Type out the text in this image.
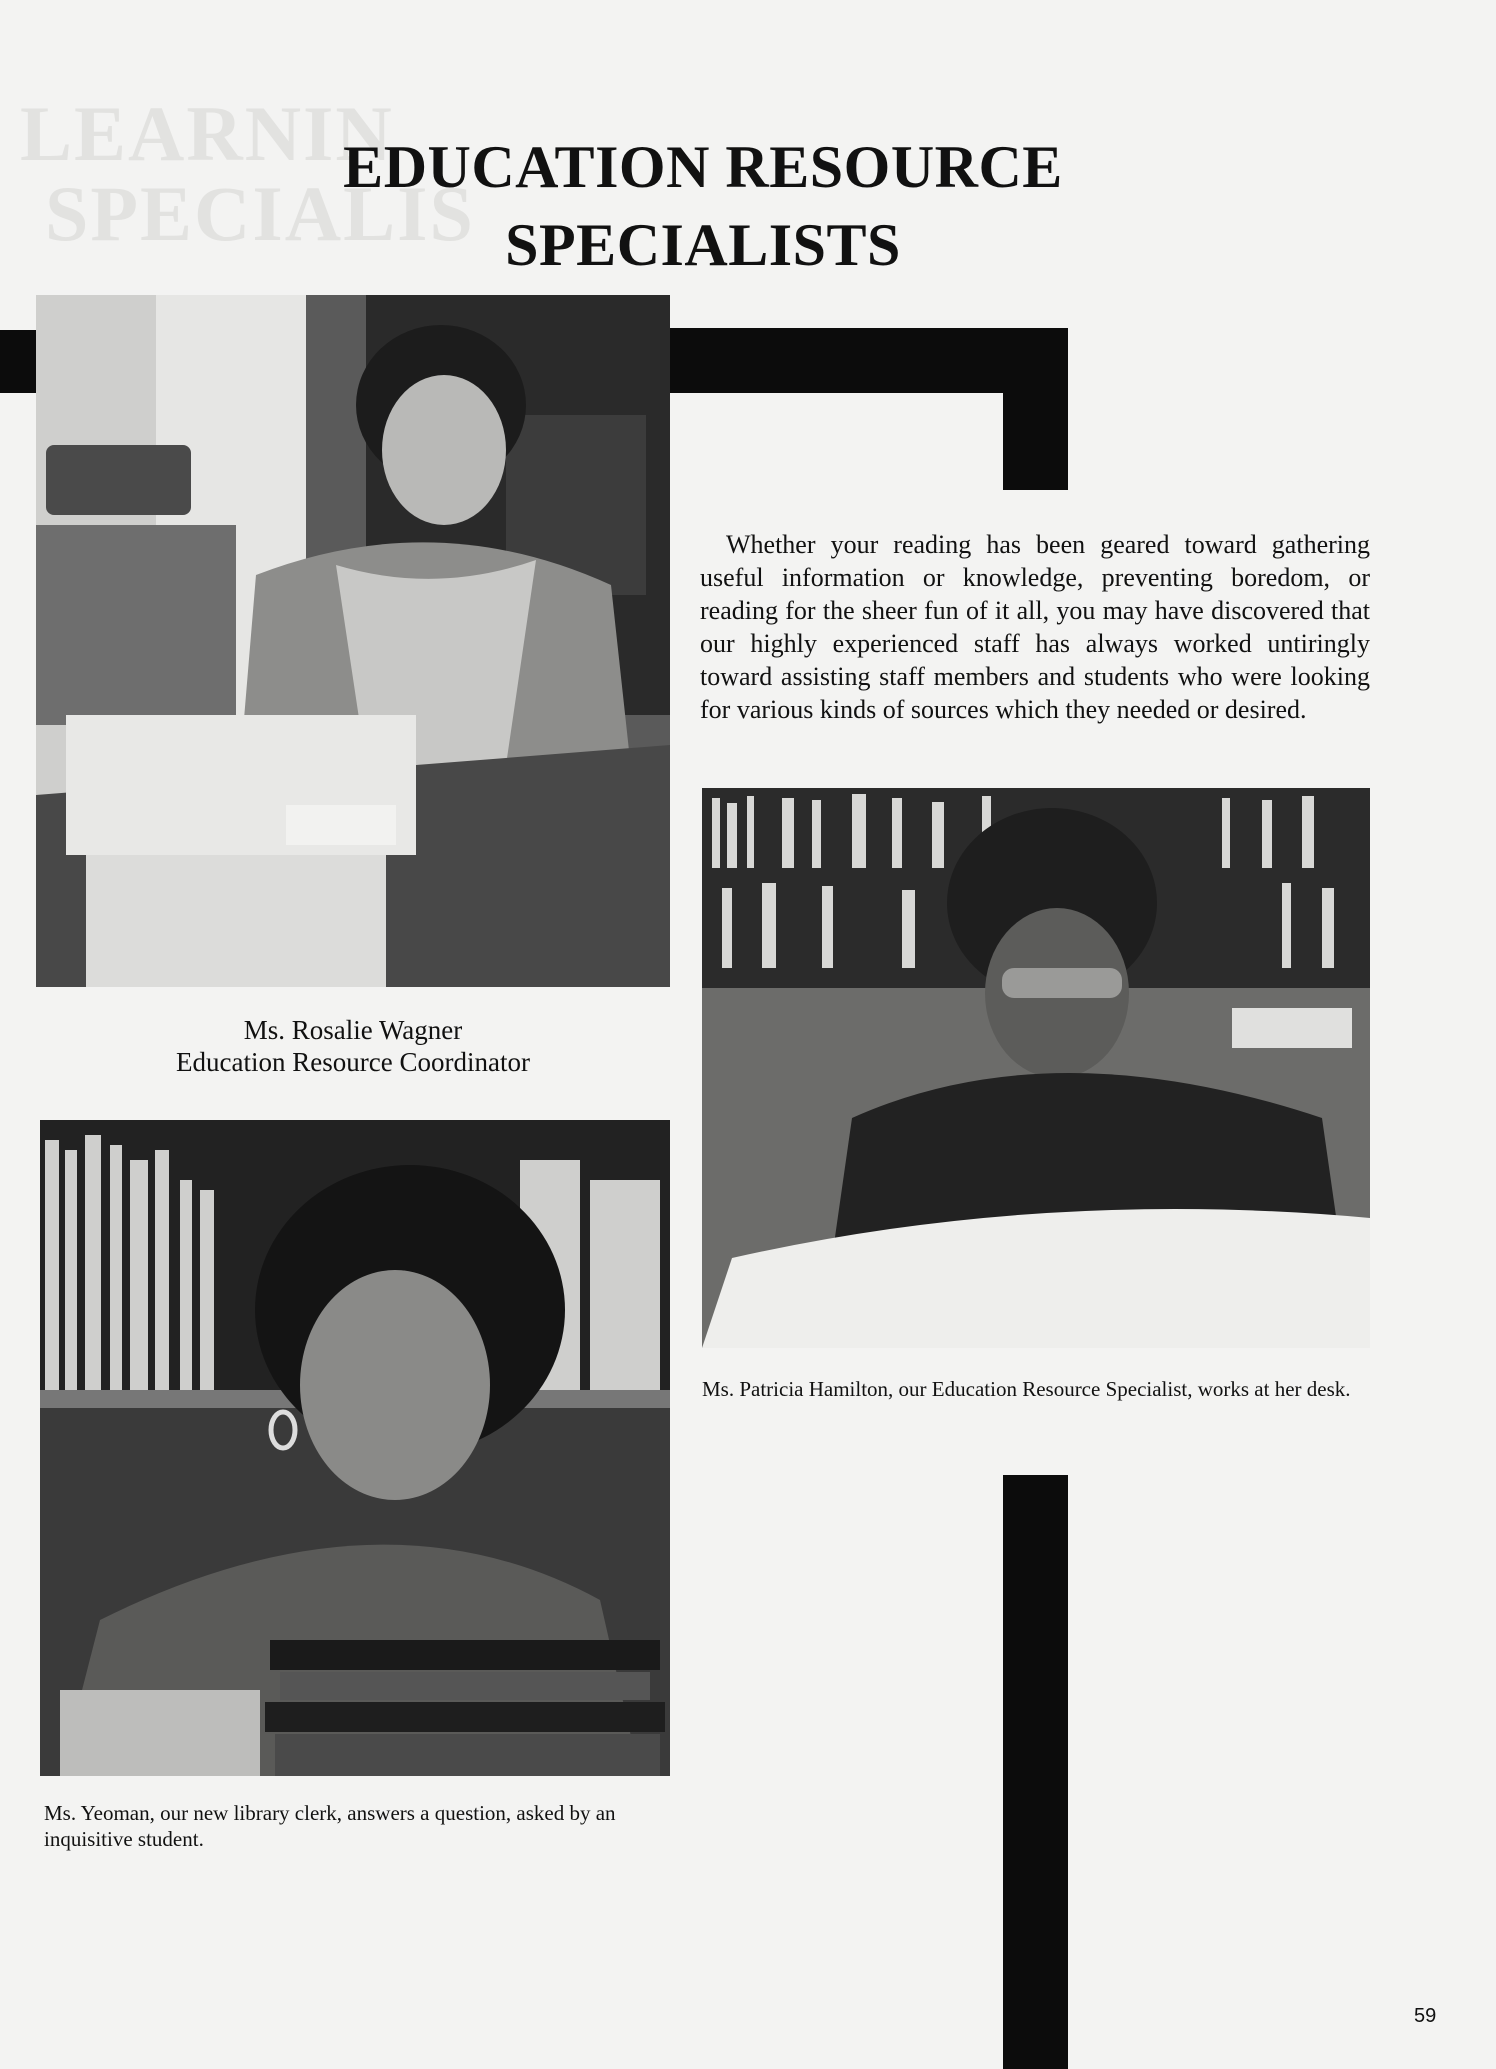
LEARNIN
SPECIALIS
EDUCATION RESOURCE
SPECIALISTS
Ms. Rosalie Wagner
Education Resource Coordinator
Whether your reading has been geared toward gathering useful information or knowledge, preventing boredom, or reading for the sheer fun of it all, you may have discovered that our highly experienced staff has always worked untiringly toward assisting staff members and students who were looking for various kinds of sources which they needed or desired.
Ms. Patricia Hamilton, our Education Resource Specialist, works at her desk.
Ms. Yeoman, our new library clerk, answers a question, asked by an inquisitive student.
59
